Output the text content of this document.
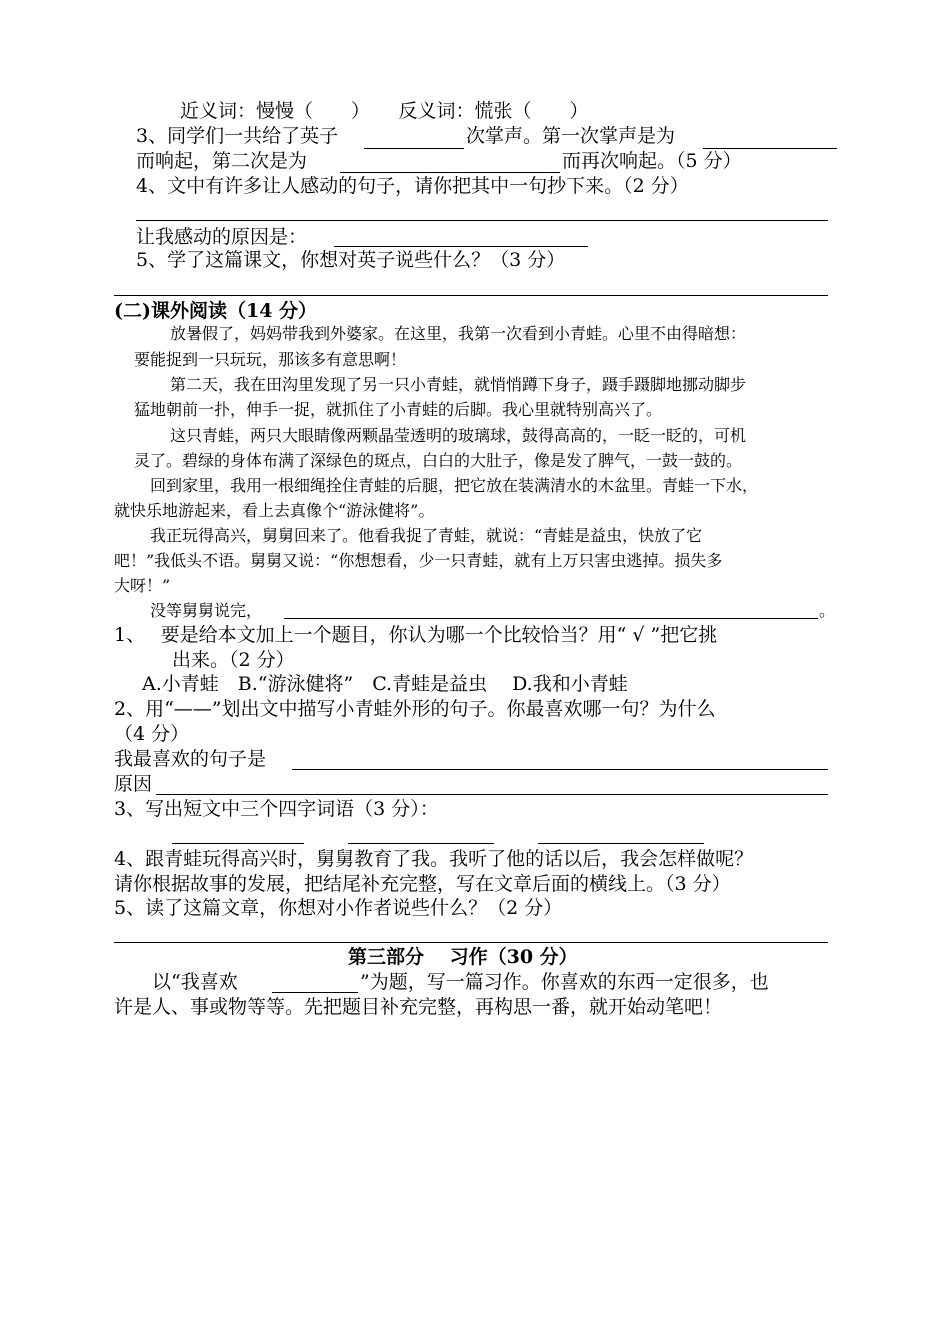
近义词：慢慢（　　）　　反义词：慌张（　　）
3、同学们一共给了英子	次掌声。第一次掌声是为
而响起，第二次是为	而再次响起。（5 分）
4、文中有许多让人感动的句子，请你把其中一句抄下来。（2 分）
让我感动的原因是：
5、学了这篇课文，你想对英子说些什么？（3 分）
(二)课外阅读（14 分）
放暑假了，妈妈带我到外婆家。在这里，我第一次看到小青蛙。心里不由得暗想：
要能捉到一只玩玩，那该多有意思啊！
第二天，我在田沟里发现了另一只小青蛙，就悄悄蹲下身子，蹑手蹑脚地挪动脚步
猛地朝前一扑，伸手一捉，就抓住了小青蛙的后脚。我心里就特别高兴了。
这只青蛙，两只大眼睛像两颗晶莹透明的玻璃球，鼓得高高的，一眨一眨的，可机
灵了。碧绿的身体布满了深绿色的斑点，白白的大肚子，像是发了脾气，一鼓一鼓的。
回到家里，我用一根细绳拴住青蛙的后腿，把它放在装满清水的木盆里。青蛙一下水，
就快乐地游起来，看上去真像个“游泳健将”。
我正玩得高兴，舅舅回来了。他看我捉了青蛙，就说：“青蛙是益虫，快放了它
吧！”我低头不语。舅舅又说：“你想想看，少一只青蛙，就有上万只害虫逃掉。损失多
大呀！”
没等舅舅说完，	。
1、　 要是给本文加上一个题目，你认为哪一个比较恰当？用“ √ ”把它挑
出来。（2 分）
A.小青蛙　B.“游泳健将”　C.青蛙是益虫　 D.我和小青蛙
2、用“——”划出文中描写小青蛙外形的句子。你最喜欢哪一句？为什么
（4 分）
我最喜欢的句子是
原因
3、写出短文中三个四字词语（3 分）：
4、跟青蛙玩得高兴时，舅舅教育了我。我听了他的话以后，我会怎样做呢？
请你根据故事的发展，把结尾补充完整，写在文章后面的横线上。（3 分）
5、读了这篇文章，你想对小作者说些什么？（2 分）
第三部分　 习作（30 分）
以“我喜欢	”为题，写一篇习作。你喜欢的东西一定很多，也
许是人、事或物等等。先把题目补充完整，再构思一番，就开始动笔吧！
